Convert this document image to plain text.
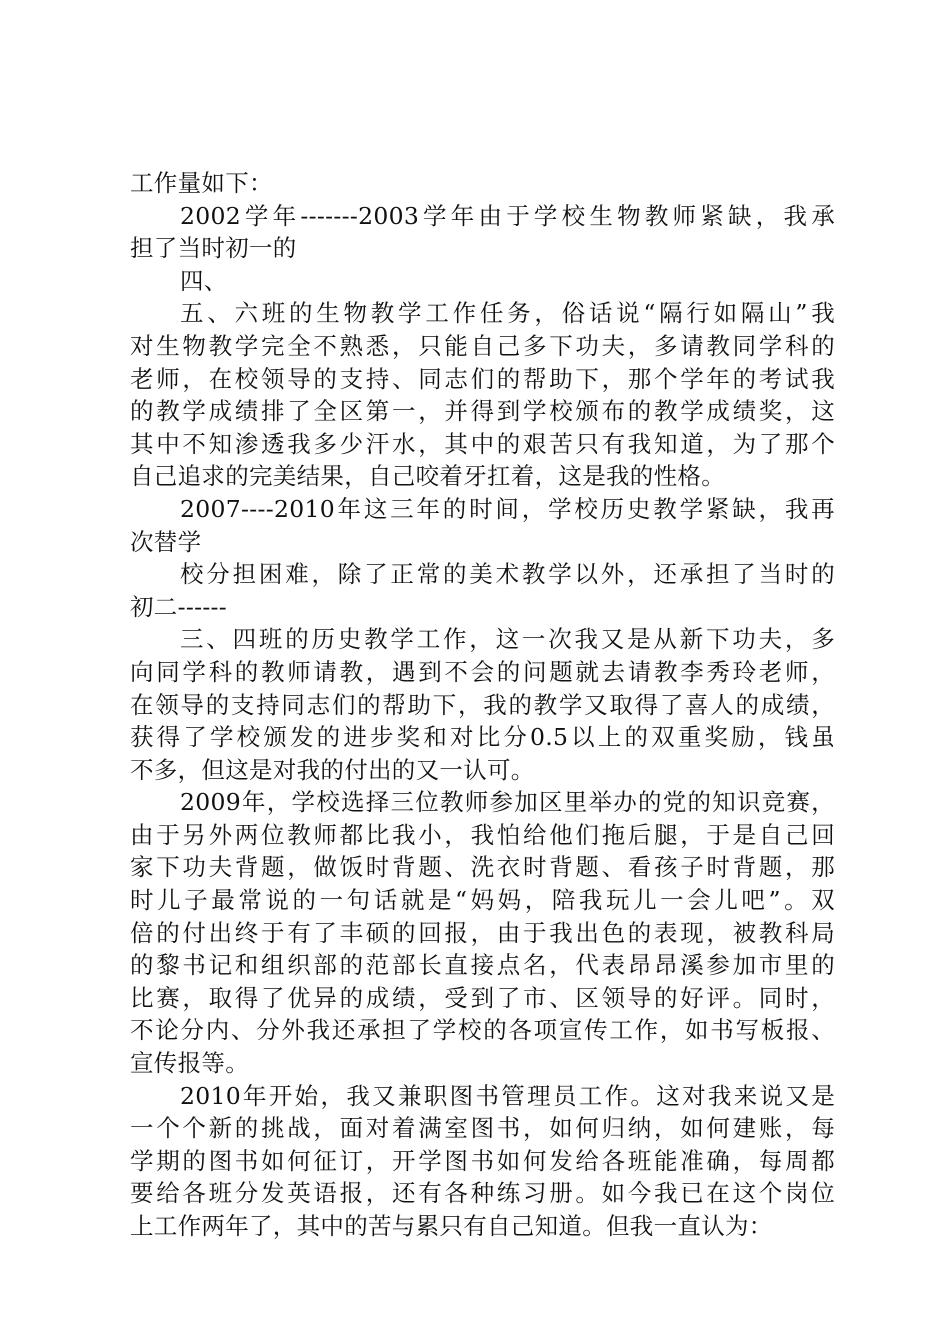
工作量如下：
2002学年-------2003学年由于学校生物教师紧缺，我承
担了当时初一的
四、
五、六班的生物教学工作任务，俗话说“隔行如隔山”我
对生物教学完全不熟悉，只能自己多下功夫，多请教同学科的
老师，在校领导的支持、同志们的帮助下，那个学年的考试我
的教学成绩排了全区第一，并得到学校颁布的教学成绩奖，这
其中不知渗透我多少汗水，其中的艰苦只有我知道，为了那个
自己追求的完美结果，自己咬着牙扛着，这是我的性格。
2007----2010年这三年的时间，学校历史教学紧缺，我再
次替学
校分担困难，除了正常的美术教学以外，还承担了当时的
初二------
三、四班的历史教学工作，这一次我又是从新下功夫，多
向同学科的教师请教，遇到不会的问题就去请教李秀玲老师，
在领导的支持同志们的帮助下，我的教学又取得了喜人的成绩，
获得了学校颁发的进步奖和对比分0.5以上的双重奖励，钱虽
不多，但这是对我的付出的又一认可。
2009年，学校选择三位教师参加区里举办的党的知识竞赛，
由于另外两位教师都比我小，我怕给他们拖后腿，于是自己回
家下功夫背题，做饭时背题、洗衣时背题、看孩子时背题，那
时儿子最常说的一句话就是“妈妈，陪我玩儿一会儿吧”。双
倍的付出终于有了丰硕的回报，由于我出色的表现，被教科局
的黎书记和组织部的范部长直接点名，代表昂昂溪参加市里的
比赛，取得了优异的成绩，受到了市、区领导的好评。同时，
不论分内、分外我还承担了学校的各项宣传工作，如书写板报、
宣传报等。
2010年开始，我又兼职图书管理员工作。这对我来说又是
一个个新的挑战，面对着满室图书，如何归纳，如何建账，每
学期的图书如何征订，开学图书如何发给各班能准确，每周都
要给各班分发英语报，还有各种练习册。如今我已在这个岗位
上工作两年了，其中的苦与累只有自己知道。但我一直认为：
